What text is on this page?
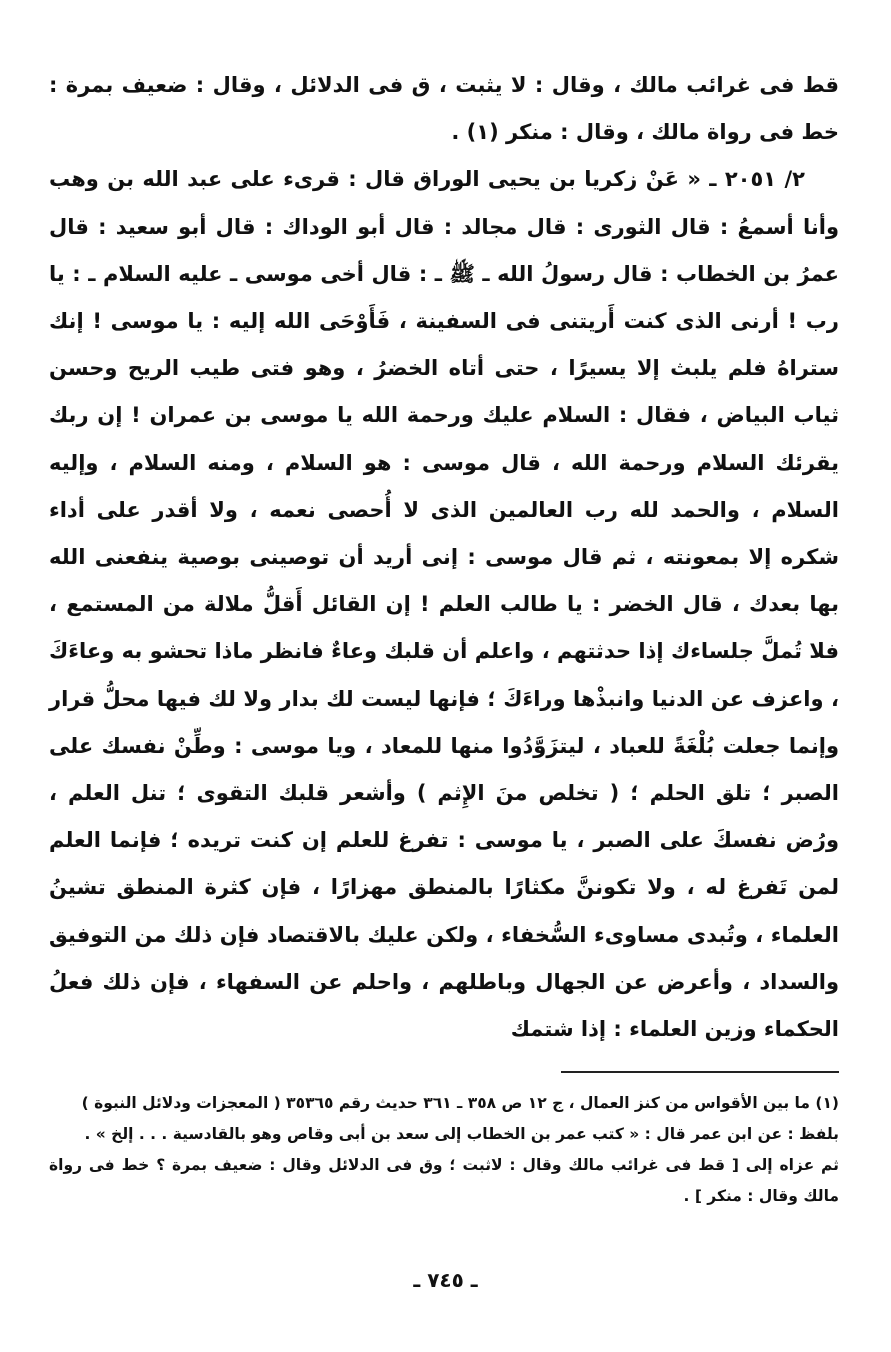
قط فى غرائب مالك ، وقال : لا يثبت ، ق فى الدلائل ، وقال : ضعيف بمرة : خط فى رواة مالك ، وقال : منكر (١) .

٢/ ٢٠٥١ ـ « عَنْ زكريا بن يحيى الوراق قال : قرىء على عبد الله بن وهب وأنا أسمعُ : قال الثورى : قال مجالد : قال أبو الوداك : قال أبو سعيد : قال عمرُ بن الخطاب : قال رسولُ الله ـ ﷺ ـ : قال أخى موسى ـ عليه السلام ـ : يا رب ! أرنى الذى كنت أَريتنى فى السفينة ، فَأَوْحَى الله إليه : يا موسى ! إنك ستراهُ فلم يلبث إلا يسيرًا ، حتى أتاه الخضرُ ، وهو فتى طيب الريح وحسن ثياب البياض ، فقال : السلام عليك ورحمة الله يا موسى بن عمران ! إن ربك يقرئك السلام ورحمة الله ، قال موسى : هو السلام ، ومنه السلام ، وإليه السلام ، والحمد لله رب العالمين الذى لا أُحصى نعمه ، ولا أقدر على أداء شكره إلا بمعونته ، ثم قال موسى : إنى أريد أن توصينى بوصية ينفعنى الله بها بعدك ، قال الخضر : يا طالب العلم ! إن القائل أَقلُّ ملالة من المستمع ، فلا تُملَّ جلساءك إذا حدثتهم ، واعلم أن قلبك وعاءٌ فانظر ماذا تحشو به وعاءَكَ ، واعزف عن الدنيا وانبذْها وراءَكَ ؛ فإنها ليست لك بدار ولا لك فيها محلُّ قرار وإنما جعلت بُلْغَةً للعباد ، ليتزَوَّدُوا منها للمعاد ، ويا موسى : وطِّنْ نفسك على الصبر ؛ تلق الحلم ؛ ( تخلص منَ الإِثم ) وأشعر قلبك التقوى ؛ تنل العلم ، ورُض نفسكَ على الصبر ، يا موسى : تفرغ للعلم إن كنت تريده ؛ فإنما العلم لمن تَفرغ له ، ولا تكوننَّ مكثارًا بالمنطق مهزارًا ، فإن كثرة المنطق تشينُ العلماء ، وتُبدى مساوىء السُّخفاء ، ولكن عليك بالاقتصاد فإن ذلك من التوفيق والسداد ، وأعرض عن الجهال وباطلهم ، واحلم عن السفهاء ، فإن ذلك فعلُ الحكماء وزين العلماء : إذا شتمك

(١) ما بين الأقواس من كنز العمال ، ج ١٢ ص ٣٥٨ ـ ٣٦١ حديث رقم ٣٥٣٦٥ ( المعجزات ودلائل النبوة )

بلفظ : عن ابن عمر قال : « كتب عمر بن الخطاب إلى سعد بن أبى وقاص وهو بالقادسية . . . إلخ » .

ثم عزاه إلى [ قط فى غرائب مالك وقال : لاثبت ؛ وق فى الدلائل وقال : ضعيف بمرة ؟ خط فى رواة مالك وقال : منكر ] .

ـ ٧٤٥ ـ
